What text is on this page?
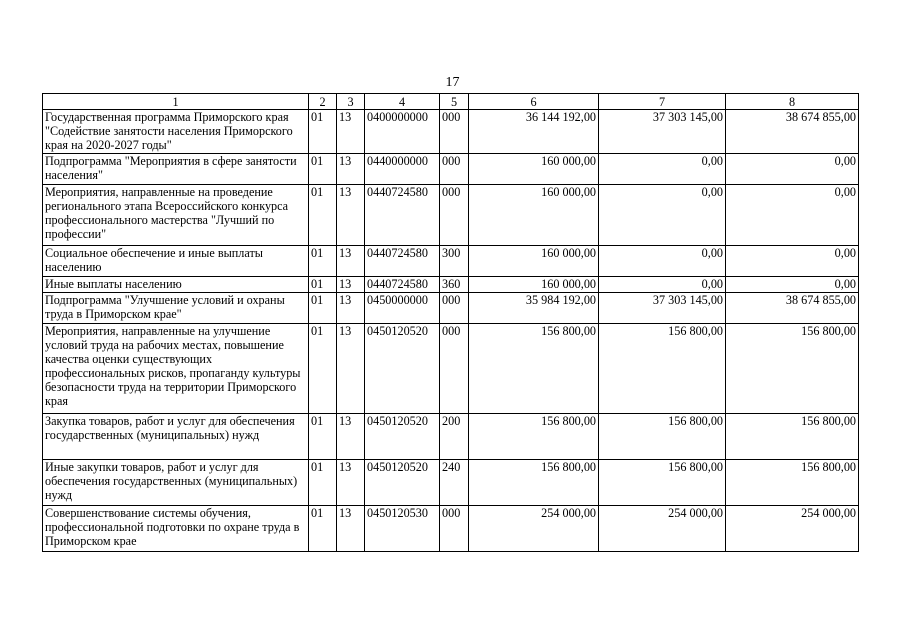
17
1	2	3	4	5	6	7	8
Государственная программа Приморского края "Содействие занятости населения Приморского края на 2020-2027 годы"	01	13	0400000000	000	36 144 192,00	37 303 145,00	38 674 855,00
Подпрограмма "Мероприятия в сфере занятости населения"	01	13	0440000000	000	160 000,00	0,00	0,00
Мероприятия, направленные на проведение регионального этапа Всероссийского конкурса профессионального мастерства "Лучший по профессии"	01	13	0440724580	000	160 000,00	0,00	0,00
Социальное обеспечение и иные выплаты населению	01	13	0440724580	300	160 000,00	0,00	0,00
Иные выплаты населению	01	13	0440724580	360	160 000,00	0,00	0,00
Подпрограмма "Улучшение условий и охраны труда в Приморском крае"	01	13	0450000000	000	35 984 192,00	37 303 145,00	38 674 855,00
Мероприятия, направленные на улучшение условий труда на рабочих местах, повышение качества оценки существующих профессиональных рисков, пропаганду культуры безопасности труда на территории Приморского края	01	13	0450120520	000	156 800,00	156 800,00	156 800,00
Закупка товаров, работ и услуг для обеспечения государственных (муниципальных) нужд	01	13	0450120520	200	156 800,00	156 800,00	156 800,00
Иные закупки товаров, работ и услуг для обеспечения государственных (муниципальных) нужд	01	13	0450120520	240	156 800,00	156 800,00	156 800,00
Совершенствование системы обучения, профессиональной подготовки по охране труда в Приморском крае	01	13	0450120530	000	254 000,00	254 000,00	254 000,00
